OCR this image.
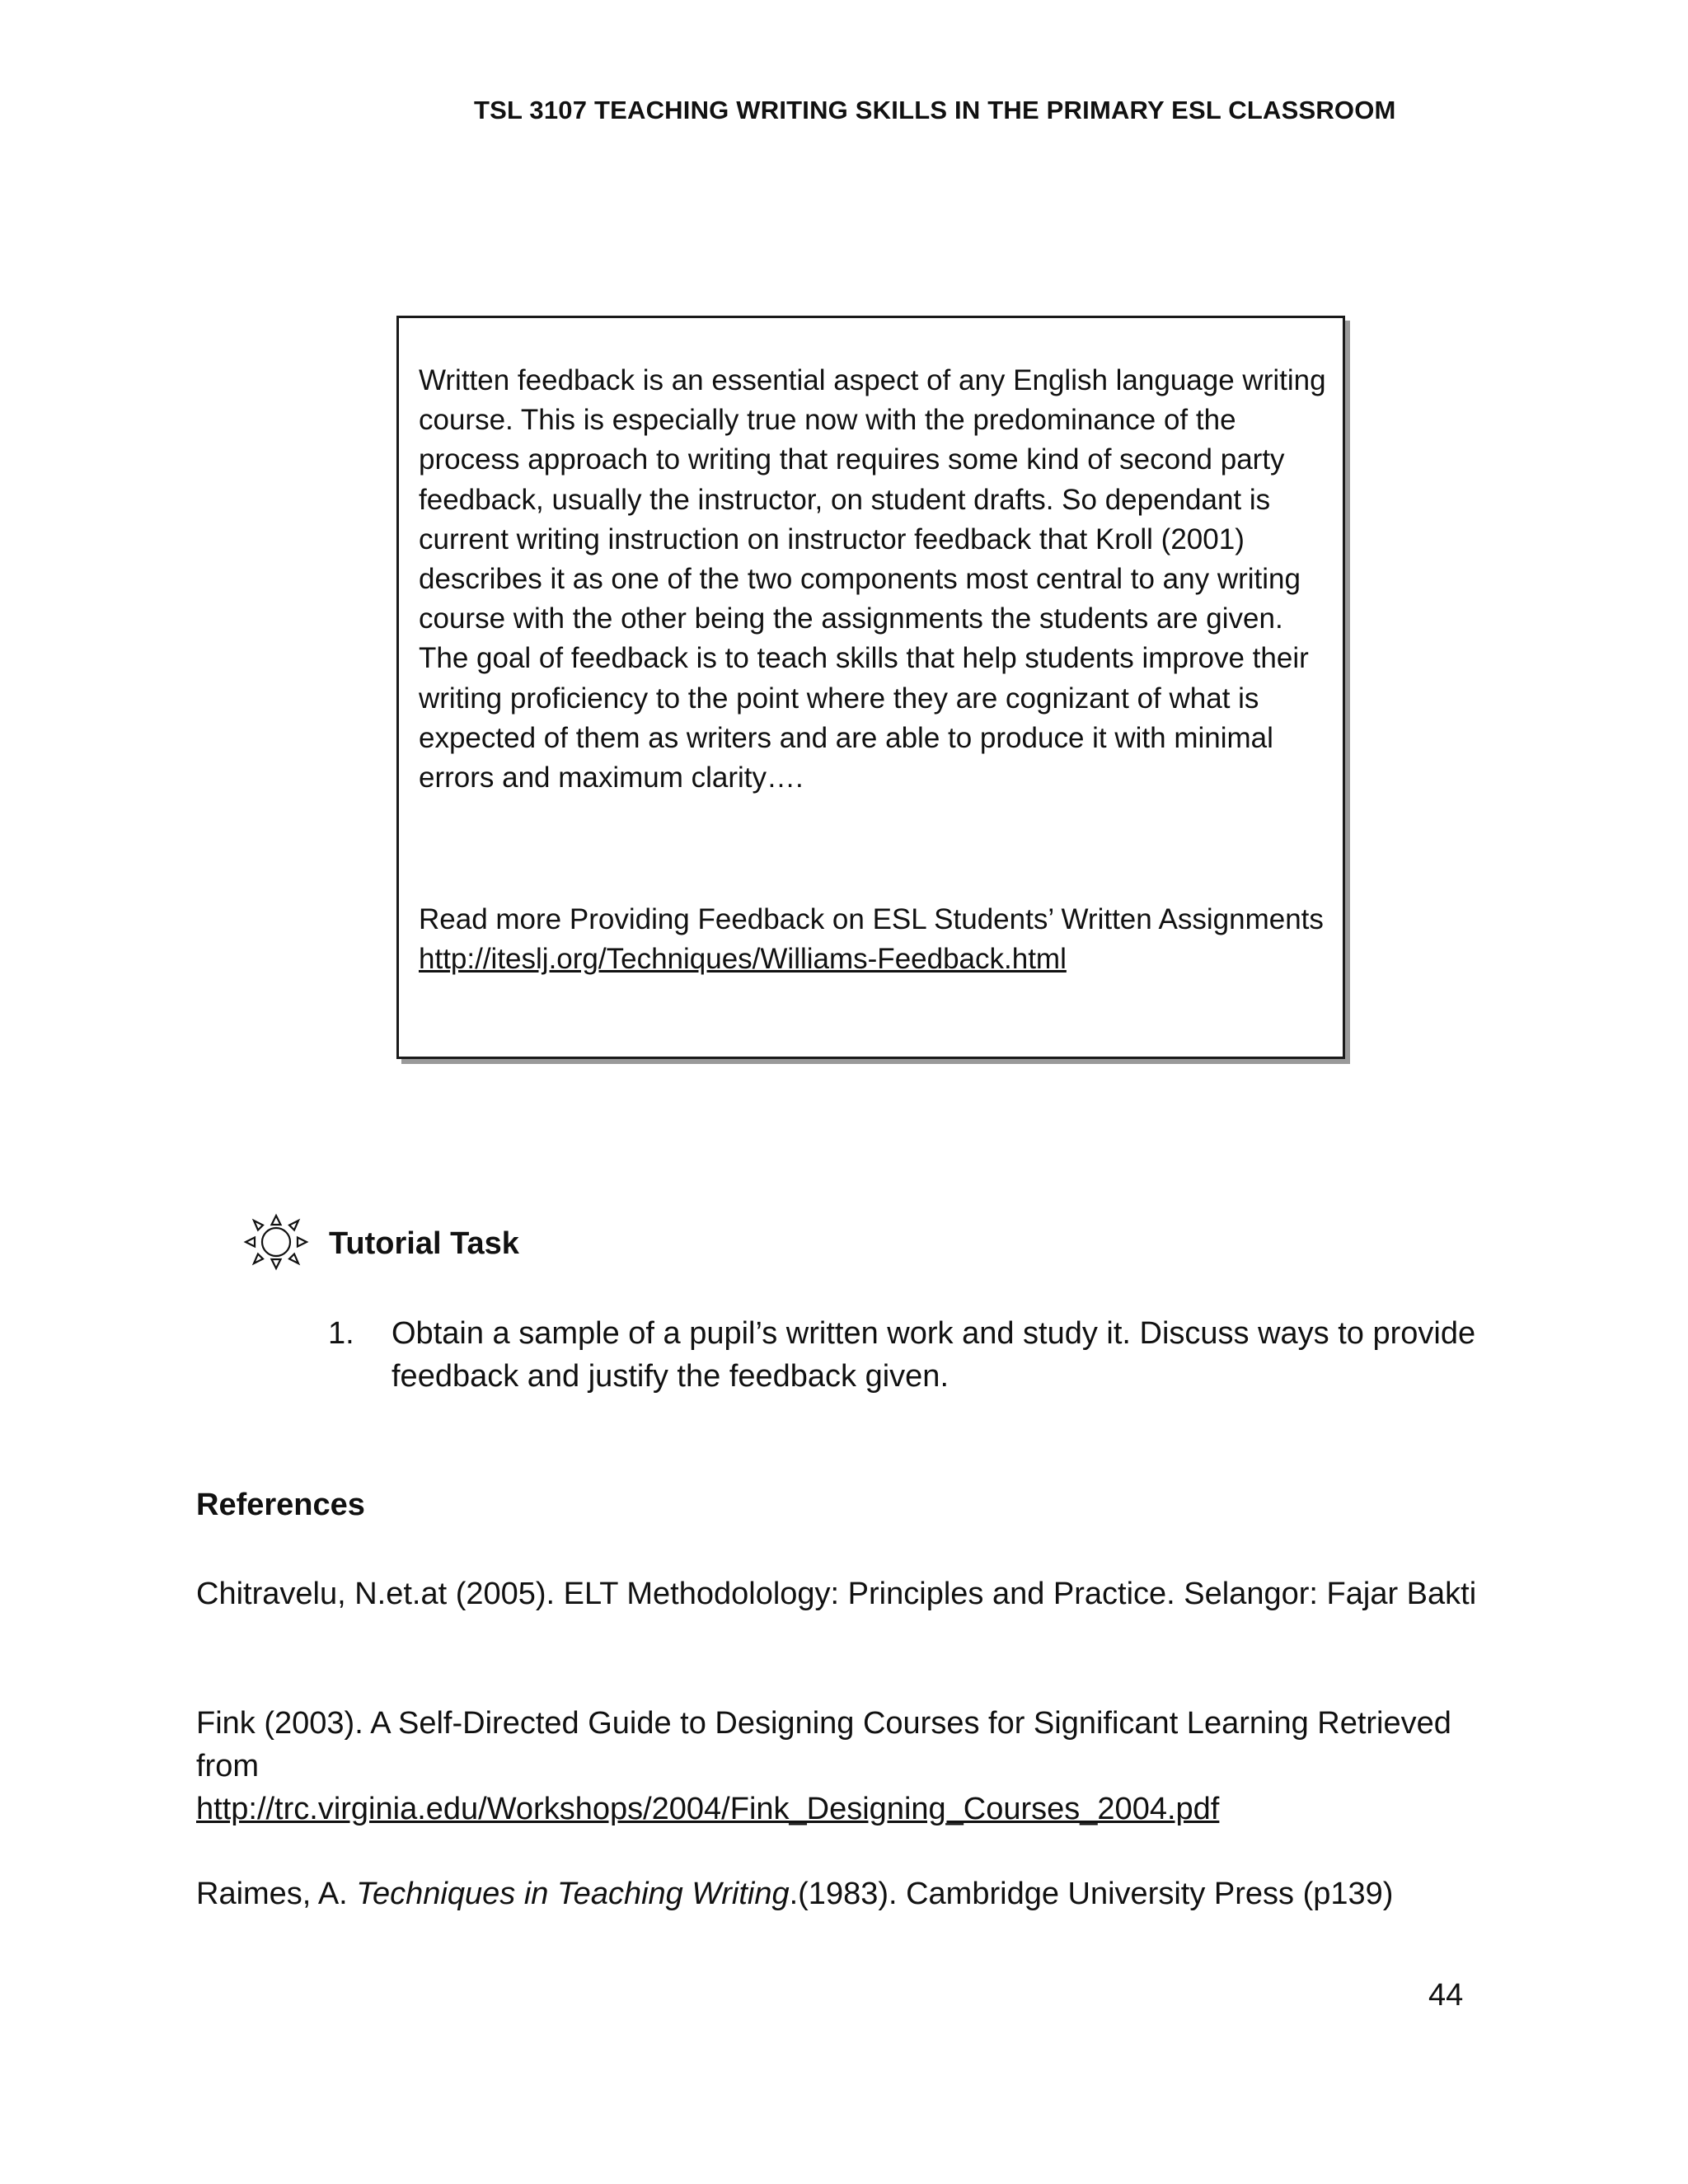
TSL 3107 TEACHING WRITING SKILLS IN THE PRIMARY ESL CLASSROOM

Written feedback is an essential aspect of any English language writing course. This is especially true now with the predominance of the process approach to writing that requires some kind of second party feedback, usually the instructor, on student drafts. So dependant is current writing instruction on instructor feedback that Kroll (2001) describes it as one of the two components most central to any writing course with the other being the assignments the students are given. The goal of feedback is to teach skills that help students improve their writing proficiency to the point where they are cognizant of what is expected of them as writers and are able to produce it with minimal errors and maximum clarity….

Read more Providing Feedback on ESL Students’ Written Assignments http://iteslj.org/Techniques/Williams-Feedback.html

Tutorial Task
1. Obtain a sample of a pupil’s written work and study it. Discuss ways to provide feedback and justify the feedback given.
References

Chitravelu, N.et.at (2005). ELT Methodolology: Principles and Practice. Selangor: Fajar Bakti

Fink (2003). A Self-Directed Guide to Designing Courses for Significant Learning Retrieved from
http://trc.virginia.edu/Workshops/2004/Fink_Designing_Courses_2004.pdf

Raimes, A. Techniques in Teaching Writing.(1983). Cambridge University Press (p139)

44
